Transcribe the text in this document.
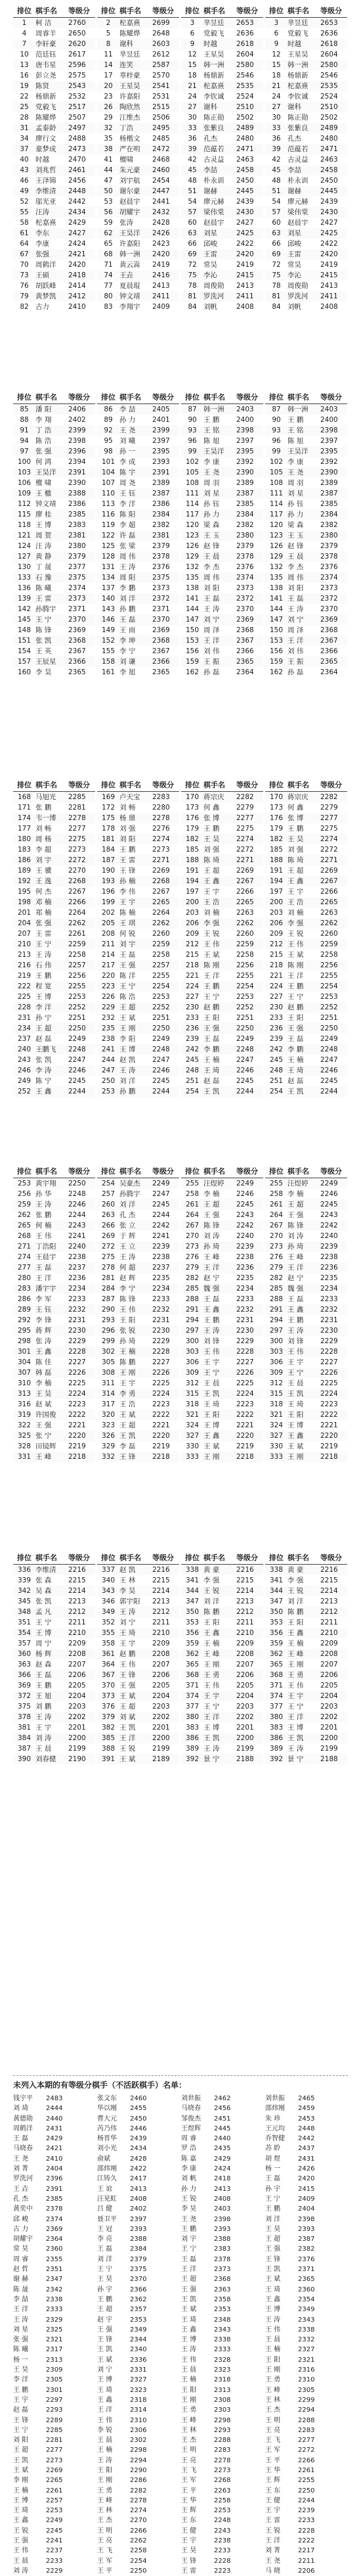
排位 棋手名 等级分
1 柯 洁 2760
4 周睿羊 2650
7 李轩豪 2620
10 范廷钰 2617
13 唐韦星 2596
16 彭立尧 2575
19 陈贤	2543
22 杨鼎新 2532
25 党毅飞 2517
28 陈耀烨 2507
31 孟泰龄 2497
34 廖行文 2488
37 童梦成 2473
40 时越	2470
43 刘兆哲 2461
46 王泽锦 2456
49 李维清 2448
52 邬光亚 2442
55 汪涛	2434
58 柁嘉熹 2429
61 李东	2427
64 李康	2424
67 张强	2421
70 周鹤洋 2420
73 王硕	2418
76 胡跃峰 2414
79 黄梦凯 2412
82 古力	2410
排位 棋手名 等级分
2 柁嘉熹 2699
5 陈耀烨 2648
8 谢科	2603
11 芈昱廷 2612
14 连笑	2587
17 辜梓豪 2570
20 王星昊 2541
23 许嘉阳 2531
26 陶欣然 2515
29 江维杰 2506
32 丁浩	2495
35 杨楷文 2485
38 严在明 2472
41 檀啸	2468
44 朱元豪 2460
47 刘宇航 2454
50 谢尔豪 2447
53 赵晨宇 2441
56 胡耀宇 2432
59 张涛	2428
62 王昊洋 2426
65 许嘉阳 2423
68 韩一洲 2420
71 黄云嵩 2419
74 王垚	2416
77 夏晨琨 2413
80 钟文靖 2411
83 李翔宇 2409
排位 棋手名 等级分
3 芈昱廷 2653
6 党毅飞 2636
9 时越	2618
12 王星昊 2604
15 韩一洲 2580
18 杨鼎新 2546
21 柁嘉熹 2535
24 李钦诚 2524
27 谢科	2510
30 陈正勋 2502
33 张紫良 2489
36 孔杰	2480
39 范蕴若 2471
42 古灵益 2463
45 李喆	2458
48 朴永训 2450
51 谢赫	2445
54 廖元赫 2439
57 梁伟棠 2430
60 赵晨宇 2427
63 刘星	2425
66 邱峻	2422
69 王雷	2420
72 常昊	2419
75 李沁	2415
78 周俊勋 2413
81 罗洗河 2411
84 刘帆	2408
排位 棋手名 等级分
3 芈昱廷 2653
6 党毅飞 2636
9 时越	2618
12 王星昊 2604
15 韩一洲 2580
18 杨鼎新 2546
21 柁嘉熹 2535
24 李钦诚 2524
27 谢科	2510
30 陈正勋 2502
33 张紫良 2489
36 孔杰	2480
39 范蕴若 2471
42 古灵益 2463
45 李喆	2458
48 朴永训 2450
51 谢赫	2445
54 廖元赫 2439
57 梁伟棠 2430
60 赵晨宇 2427
63 刘星	2425
66 邱峻	2422
69 王雷	2420
72 常昊	2419
75 李沁	2415
78 周俊勋 2413
81 罗洗河 2411
84 刘帆	2408
排位 棋手名 等级分
85 潘 阳 2406
88 李 翔 2402
91 丁 浩 2399
94 陈 浩 2398
97 张 强 2396
100 何 鸿 2394
103 王昊洋 2391
106 檀 啸 2390
109 王 檄 2388
112 钟文靖 2386
115 廖 桂 2385
118 王 博 2383
121 周 贺 2381
124 汪 涛 2380
127 黄 静 2379
130 丁 晟 2377
133 石 豫 2375
136 陈 曦 2374
139 王 雷 2373
142 孙腾宇 2371
145 王 宁 2370
148 陈 锋 2369
151 张 凯 2368
154 王 英 2367
157 王辰星 2366
160 李 昊 2365
排位 棋手名 等级分
86 李 喆 2405
89 孙 力 2401
92 王 尧 2399
95 刘 曦 2397
98 孙 一 2395
101 李 成 2393
104 陈 宇 2391
107 周 尧 2389
110 王 钰 2387
113 李 洋 2386
116 陈 阳 2384
119 李 超 2382
122 许 磊 2381
125 张 梁 2379
128 周 伟 2378
131 王 涛 2376
134 周 阳 2375
137 李 鹏 2373
140 刘 洋 2372
143 孙 鹏 2371
146 王 磊 2370
149 王 雨 2369
152 李 坤 2368
155 李 宁 2367
158 刘 谦 2366
161 李 旭 2365
排位 棋手名 等级分
87 韩一洲 2403
90 王 鹏 2400
93 王 铭 2398
96 陈 旭 2397
99 王昊洋 2395
102 李 康 2392
105 王 尧 2390
108 周 羽 2389
111 刘 星 2387
114 孙 钰 2385
117 孙 力 2384
120 梁 森 2382
123 王 玉 2380
126 赵 锋 2379
129 王 晨 2378
132 李 杰 2376
135 周 伟 2374
138 刘 阳 2373
141 王 磊 2372
144 王 涛 2370
147 刘 宁 2369
150 周 泽 2368
153 王 洋 2367
156 刘 伟 2366
159 王 振 2365
162 孙 磊 2364
排位 棋手名 等级分
87 韩一洲 2403
90 王 鹏 2400
93 王 铭 2398
96 陈 旭 2397
99 王昊洋 2395
102 李 康 2392
105 王 尧 2390
108 周 羽 2389
111 刘 星 2387
114 孙 钰 2385
117 孙 力 2384
120 梁 森 2382
123 王 玉 2380
126 赵 锋 2379
129 王 晨 2378
132 李 杰 2376
135 周 伟 2374
138 刘 阳 2373
141 王 磊 2372
144 王 涛 2370
147 刘 宁 2369
150 周 泽 2368
153 王 洋 2367
156 刘 伟 2366
159 王 振 2365
162 孙 磊 2364
排位 棋手名 等级分
168 马旭光 2285
171 张 鹏 2281
174 韦一博 2278
177 刘 畅 2277
180 周 杨 2275
183 李 超 2273
186 刘 宇 2272
189 王 骥 2270
192 王 逸 2268
195 何 杰 2267
198 邓 楠 2266
201 郑 楠 2264
204 张 强 2262
207 王 雷 2261
210 王 宁 2259
213 王 涛 2258
216 石 伟 2257
219 王 鹏 2256
222 程 宽 2255
225 王 博 2253
228 李 洋 2252
231 孙 宁 2251
234 王 超 2250
237 赵 磊 2249
240 王鹏飞 2248
243 张 凯 2247
246 李 涛 2246
249 陈 宁 2245
252 王 鑫 2244
排位 棋手名 等级分
169 卢天宝 2283
172 刘 畅 2280
175 杨 鼎 2278
178 刘 强 2276
181 刘 阳 2274
184 王 鹏 2273
187 王 雷 2271
190 王 锋 2269
193 孙 楠 2268
196 李 伟 2267
199 王 宇 2265
202 陈 楠 2264
205 王 琪 2262
208 何 锐 2260
211 刘 宇 2259
214 王 磊 2258
217 王 强 2257
220 陈 洋 2255
223 王 宁 2254
226 陈 浩 2253
229 王 超 2252
232 王 斌 2251
235 王 刚 2250
238 李 阳 2249
241 王 博 2248
244 赵 凯 2247
247 王 涛 2246
250 刘 洋 2245
253 孙 鹏 2244
排位 棋手名 等级分
170 蒋宗庆 2282
173 何 鑫 2279
176 张 博 2277
179 王 鹏 2275
182 王 昊 2274
185 刘 强 2272
188 陈 琦 2271
191 王 超 2269
194 王 鑫 2267
197 王 宇 2266
200 王 浩 2265
203 刘 楠 2263
206 李 强 2262
209 王 锐 2260
212 王 伟 2259
215 王 斌 2258
218 陈 刚 2256
221 王 洋 2255
224 王 鹏 2254
227 王 宁 2253
230 赵 鹏 2252
233 王 阳 2251
236 王 强 2250
239 王 磊 2249
242 李 鹏 2248
245 王 楠 2247
248 王 琦 2246
251 赵 磊 2245
254 王 凯 2244
排位 棋手名 等级分
170 蒋宗庆 2282
173 何 鑫 2279
176 张 博 2277
179 王 鹏 2275
182 王 昊 2274
185 刘 强 2272
188 陈 琦 2271
191 王 超 2269
194 王 鑫 2267
197 王 宇 2266
200 王 浩 2265
203 刘 楠 2263
206 李 强 2262
209 王 锐 2260
212 王 伟 2259
215 王 斌 2258
218 陈 刚 2256
221 王 洋 2255
224 王 鹏 2254
227 王 宁 2253
230 赵 鹏 2252
233 王 阳 2251
236 王 强 2250
239 王 磊 2249
242 李 鹏 2248
245 王 楠 2247
248 王 琦 2246
251 赵 磊 2245
254 王 凯 2244
排位 棋手名 等级分
253 黄宇翔 2250
256 孙 华 2248
259 王 涛 2246
262 张 鹏 2244
265 何 楠 2243
268 王 伟 2241
271 丁浩阳 2240
274 王晨宇 2238
277 王 磊 2237
280 王 洋 2236
283 潘宇宇 2234
286 李 军 2233
289 王 钰 2232
292 李 锋 2231
295 蒋 辉 2230
298 张 涛 2229
301 王 鑫 2228
304 陈 佳 2227
307 韩 磊 2226
310 李 楠 2225
313 王 昊 2224
316 赵 斌 2223
319 许国俊 2222
322 王 强 2221
325 张 宁 2220
328 田镜辉 2219
331 王 峰 2218
排位 棋手名 等级分
254 吴豪杰 2249
257 孙腾宇 2247
260 刘 洋 2245
263 孔 杰 2244
266 张 立 2242
269 于 辉 2241
272 王 立 2239
275 王 涛 2238
278 何 超 2237
281 赵 辉 2235
284 李 宁 2234
287 陈 锋 2233
290 王 伟 2232
293 王 阳 2231
296 张 锐 2230
299 孙 琦 2229
302 王 楠 2228
305 陈 鹏 2227
308 王 刚 2226
311 王 宇 2225
314 李 勇 2224
317 王 浩 2223
320 王 斌 2222
323 王 超 2221
326 王 凯 2220
329 李 磊 2219
332 王 锋 2218
排位 棋手名 等级分
255 汪煜婷 2249
258 李 楠 2246
261 王 超 2245
264 王 强 2243
267 陈 锋 2242
270 刘 涛 2240
273 孙 琦 2239
276 王 峰 2238
279 王 洋 2236
282 赵 宁 2235
285 魏 强 2234
288 王 磊 2233
291 王 鑫 2232
294 王 鹏 2231
297 王 涛 2230
300 刘 锋 2229
303 王 伟 2228
306 王 宇 2227
309 王 宁 2226
312 王 晨 2225
315 王 凯 2224
318 王 琦 2223
321 王 阳 2222
324 王 博 2221
327 王 鑫 2220
330 王 斌 2219
333 王 刚 2218
排位 棋手名 等级分
255 汪煜婷 2249
258 李 楠 2246
261 王 超 2245
264 王 强 2243
267 陈 锋 2242
270 刘 涛 2240
273 孙 琦 2239
276 王 峰 2238
279 王 洋 2236
282 赵 宁 2235
285 魏 强 2234
288 王 磊 2233
291 王 鑫 2232
294 王 鹏 2231
297 王 涛 2230
300 刘 锋 2229
303 王 伟 2228
306 王 宇 2227
309 王 宁 2226
312 王 晨 2225
315 王 凯 2224
318 王 琦 2223
321 王 阳 2222
324 王 博 2221
327 王 鑫 2220
330 王 斌 2219
333 王 刚 2218
排位 棋手名 等级分
336 李维清 2216
339 张 森 2215
342 吴 森 2214
345 张 凯 2213
348 孟 凡 2212
351 王 宁 2211
354 王 博 2210
357 周 宁 2209
360 杨 辉 2208
363 赵 森 2207
366 王 磊 2206
369 王 鹏 2205
372 王 旭 2204
375 刘 鹏 2203
378 王 涛 2202
381 王 宇 2201
384 刘 涛 2200
387 王 晨 2199
390 刘春健 2190
排位 棋手名 等级分
337 赵 凯 2216
340 王 林 2215
343 李 昊 2214
346 郭宇阳 2213
349 王 涛 2212
352 刘 宁 2211
355 王 琦 2210
358 王 宇 2209
361 赵 鹏 2208
364 王 伟 2207
367 王 锋 2206
370 王 强 2205
373 王 斌 2204
376 王 超 2203
379 刘 斌 2202
382 王 凯 2201
385 王 洋 2200
388 王 锐 2199
391 王 斌 2189
排位 棋手名 等级分
338 黄 豪 2216
341 李 强 2215
344 王 锐 2214
347 刘 洋 2213
350 陈 鹏 2212
353 王 阳 2211
356 王 鑫 2210
359 王 楠 2209
362 王 峰 2208
365 王 刚 2207
368 王 勇 2206
371 王 伟 2205
374 王 宇 2204
377 王 宁 2203
380 王 洋 2202
383 王 博 2201
386 王 凯 2200
389 王 涛 2199
392 景 宁 2188
排位 棋手名 等级分
338 黄 豪 2216
341 李 强 2215
344 王 锐 2214
347 刘 洋 2213
350 陈 鹏 2212
353 王 阳 2211
356 王 鑫 2210
359 王 楠 2209
362 王 峰 2208
365 王 刚 2207
368 王 勇 2206
371 王 伟 2205
374 王 宇 2204
377 王 宁 2203
380 王 洋 2202
383 王 博 2201
386 王 凯 2200
389 王 涛 2199
392 景 宁 2188
未列入本期的有等级分棋手（不活跃棋手）名单：
钱宇平 2483
刘 琦	2444
黄德勋 2440
周鹤洋 2431
王 磊	2429
马晓春 2421
王 尧	2410
刘 菁	2404
罗洗河 2396
王 垚	2391
孔 杰	2385
黄奕中 2378
邱 峻	2374
古 力	2369
胡耀宇 2364
常 昊	2360
周 睿	2355
赵 哲	2351
谢 赫	2347
陈 晟	2342
李 喆	2338
王 洋	2333
王 涛	2329
刘 星	2325
张 强	2321
陈 曦	2317
杨 一	2313
王 昊	2309
李 洋	2305
王 鹏	2301
王 宇	2297
赵 磊	2293
王 锋	2289
王 宁	2285
刘 阳	2281
王 超	2277
王 凯	2273
王 斌	2269
李 刚	2265
王 楠	2261
王 博	2257
王 琦	2253
王 鑫	2249
王 锐	2245
王 强	2241
王 伟	2237
王 晨	2233
刘 涛	2229
张文东 2460
华以刚 2455
曹大元 2450
芮乃伟 2446
杨晋华 2439
刘小光 2434
俞斌	2428
邵炜刚 2422
江铸久 2417
王 谊	2413
汪见虹 2408
吕 健	2402
聂卫平 2397
王 冠	2393
李 亮	2388
王 磊	2384
刘 洋	2379
王 宁	2375
王 昊	2370
孙 宇	2366
王 鹏	2362
王 超	2357
赵 宇	2353
王 强	2349
王 锋	2344
王 凯	2340
王 斌	2336
刘 宁	2331
王 博	2327
王 琦	2323
王 鑫	2318
王 洋	2314
王 伟	2310
李 锐	2306
王 晨	2302
王 楠	2298
王 涛	2294
王 阳	2290
王 刚	2286
王 勇	2282
王 峰	2278
王 林	2274
王 杰	2270
王 明	2266
王 亮	2262
王 飞	2258
王 军	2254
王 平	2250
刘世振 2462
马晓春 2456
邹俊杰 2451
王煜辉 2445
周 睿	2440
罗 浩	2435
陈 嘉	2429
李 康	2424
刘 帆	2418
孙 力	2413
王 锐	2408
李 昊	2403
王 尧	2398
王 鹏	2393
刘 宇	2388
王 宁	2383
王 磊	2378
王 洋	2373
王 超	2368
王 强	2363
王 凯	2358
王 斌	2353
王 琦	2348
王 鑫	2343
王 博	2338
王 涛	2333
王 伟	2328
王 晨	2323
王 楠	2318
王 阳	2313
王 刚	2308
王 勇	2303
王 峰	2298
王 林	2293
王 杰	2288
王 明	2283
王 亮	2278
王 飞	2273
王 军	2268
王 平	2263
王 华	2258
王 辉	2253
王 东	2248
王 健	2243
王 宇	2238
王 昊	2233
王 锋	2228
王 雷	2223
刘世振 2465
邵炜刚 2459
朱 珍	2453
王元均 2448
乔智健 2442
苏 聆	2437
胡 煜	2431
杨 一	2426
王 磊	2420
孙 宇	2415
王 宁	2409
王 鹏	2404
刘 洋	2398
王 昊	2393
王 超	2387
王 强	2382
王 锋	2376
王 凯	2371
王 斌	2365
王 琦	2360
王 鑫	2354
王 博	2349
王 涛	2343
王 伟	2338
王 晨	2332
王 楠	2327
王 阳	2321
王 刚	2316
王 勇	2310
王 峰	2305
王 林	2299
王 杰	2294
王 明	2288
王 亮	2283
王 飞	2277
王 军	2272
王 平	2266
王 华	2261
王 辉	2255
王 东	2250
王 健	2244
王 宇	2239
王 雷	2233
王 锐	2228
王 洋	2222
刘 菁	2217
王 尧	2211
马 晓	2206
